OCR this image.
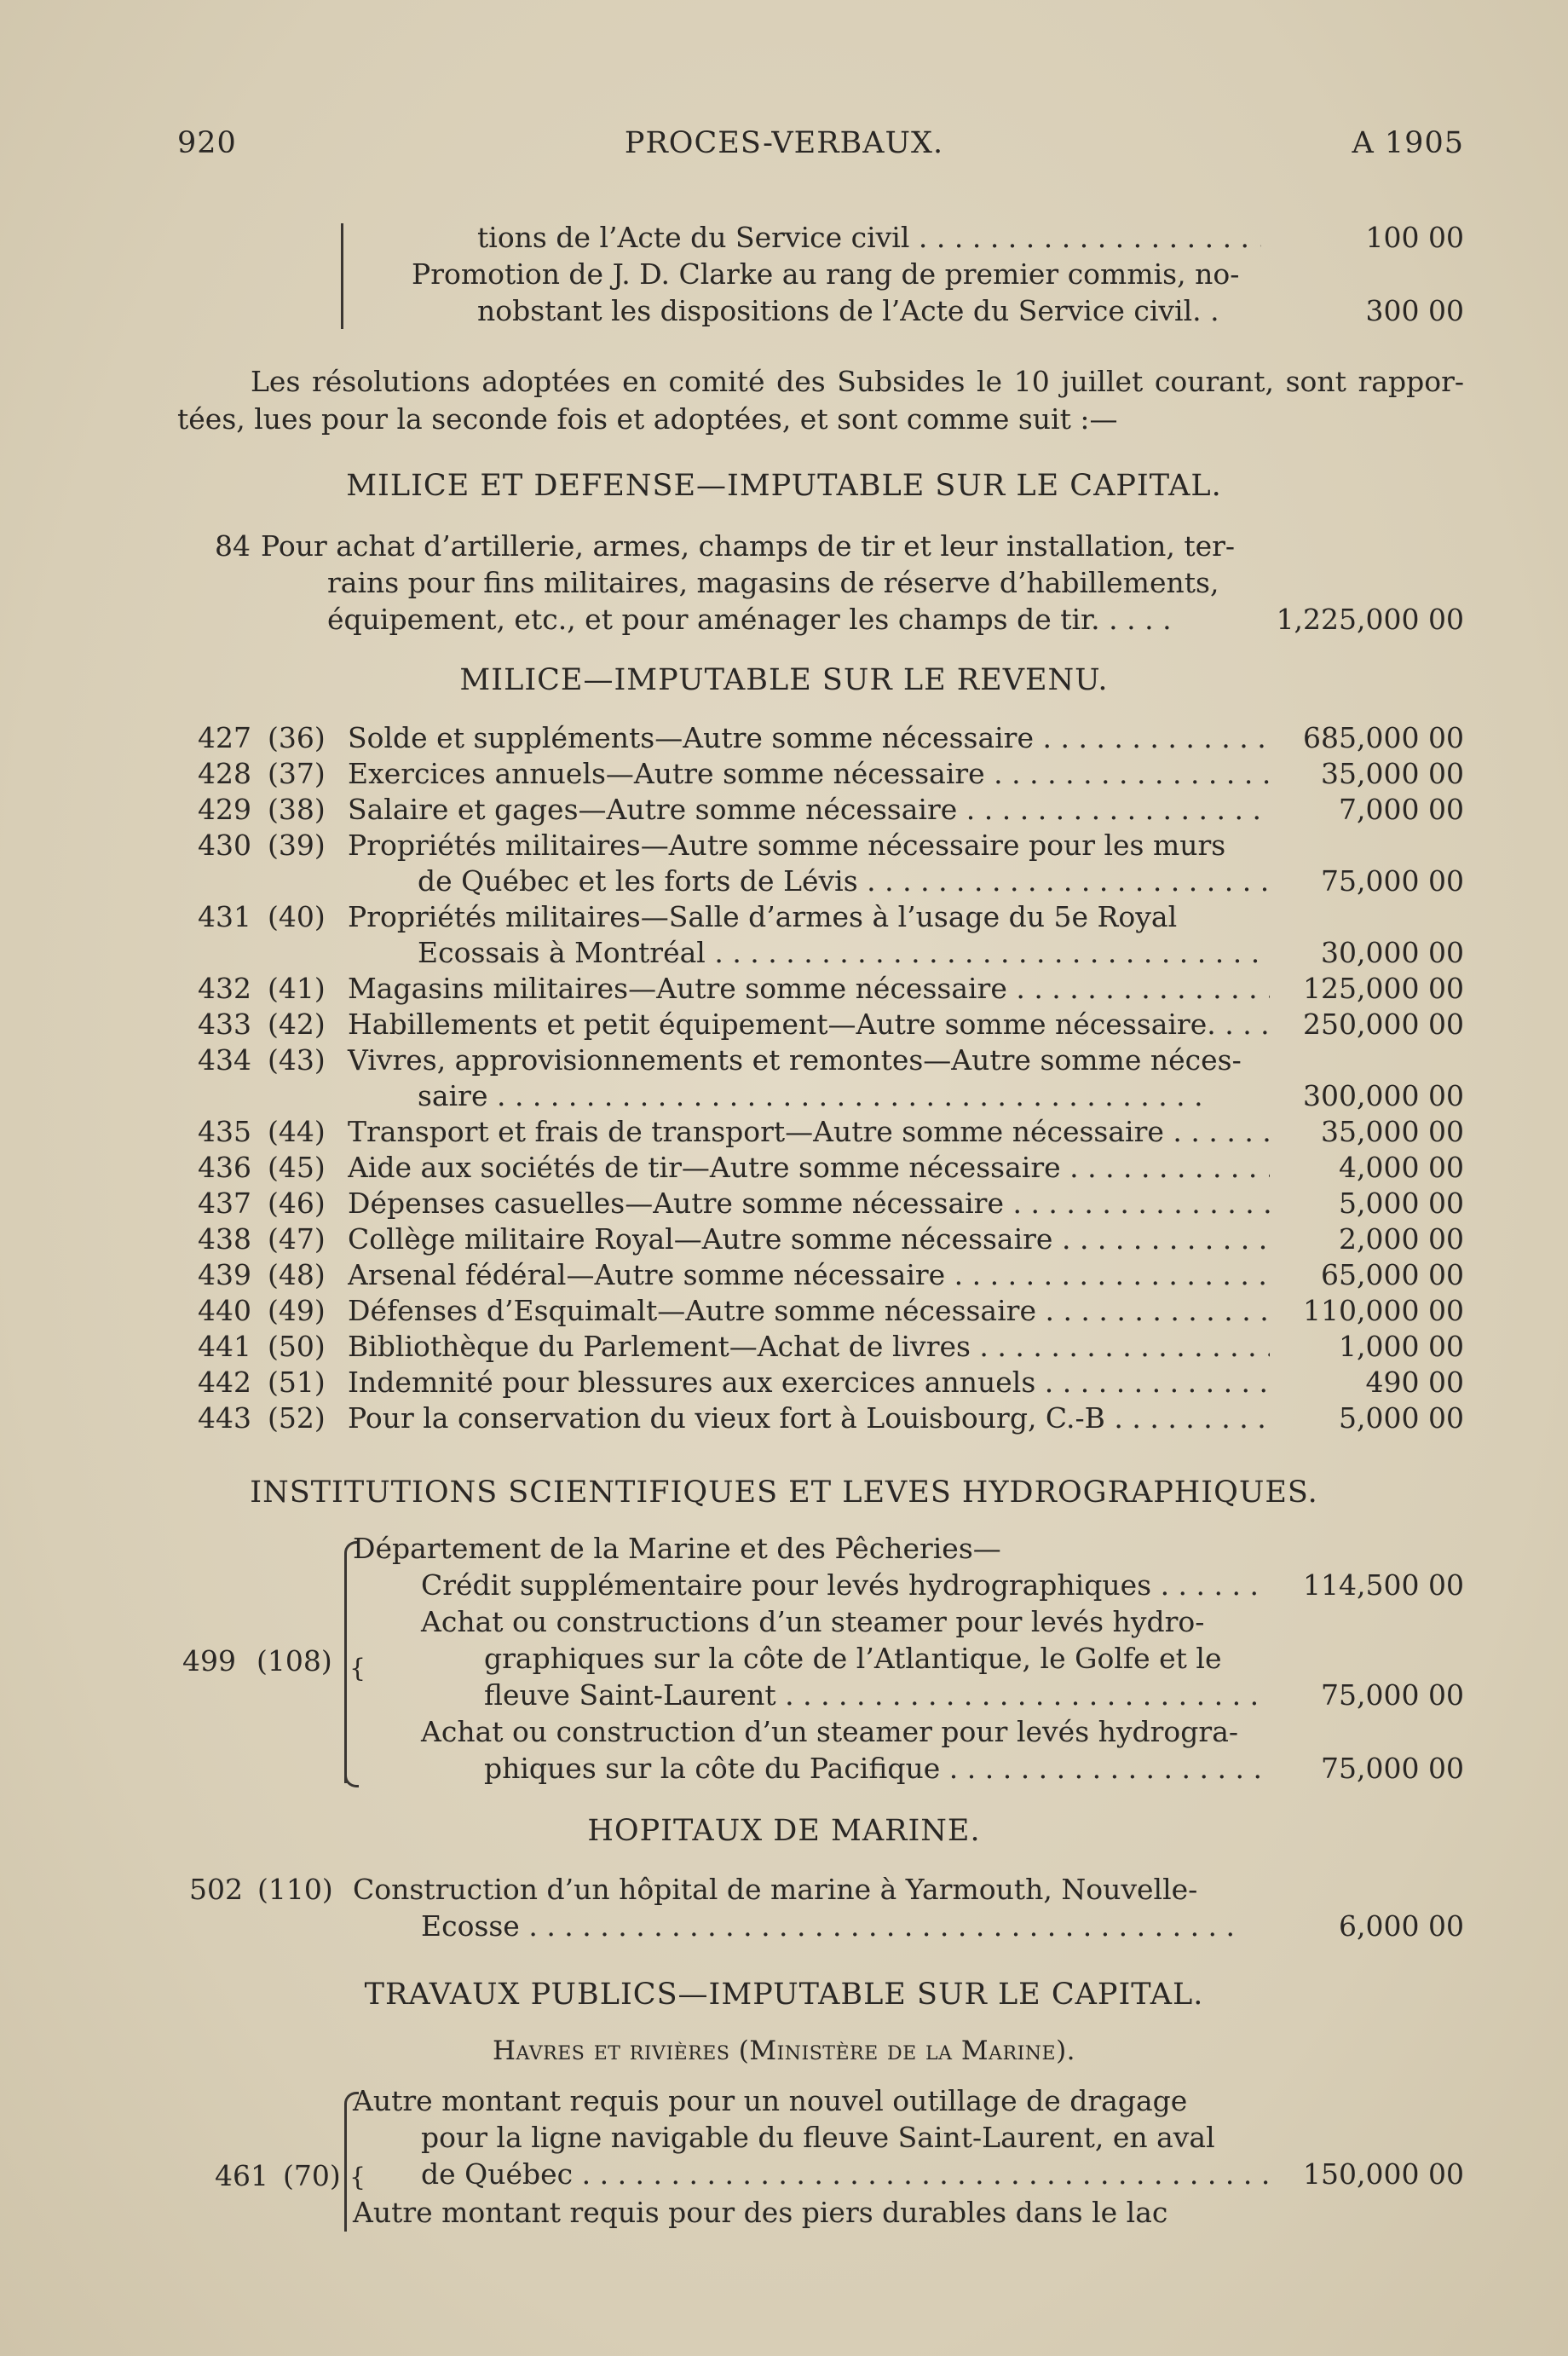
920	PROCES-VERBAUX.	A 1905
tions de l’Acte du Service civil . . .	100 00
Promotion de J. D. Clarke au rang de premier commis, no-
nobstant les dispositions de l’Acte du Service civil. .	300 00
Les résolutions adoptées en comité des Subsides le 10 juillet courant, sont rappor-tées, lues pour la seconde fois et adoptées, et sont comme suit :—
MILICE ET DEFENSE—IMPUTABLE SUR LE CAPITAL.
84 Pour achat d’artillerie, armes, champs de tir et leur installation, ter-
rains pour fins militaires, magasins de réserve d’habillements,
équipement, etc., et pour aménager les champs de tir. . . . .	1,225,000 00
MILICE—IMPUTABLE SUR LE REVENU.
INSTITUTIONS SCIENTIFIQUES ET LEVES HYDROGRAPHIQUES.
499 (108) {
Département de la Marine et des Pêcheries—
Crédit supplémentaire pour levés hydrographiques . . .	114,500 00
Achat ou constructions d’un steamer pour levés hydro-
graphiques sur la côte de l’Atlantique, le Golfe et le
fleuve Saint-Laurent . . .	75,000 00
Achat ou construction d’un steamer pour levés hydrogra-
phiques sur la côte du Pacifique . . .	75,000 00
HOPITAUX DE MARINE.
502 (110) Construction d’un hôpital de marine à Yarmouth, Nouvelle-
Ecosse . . .	6,000 00
TRAVAUX PUBLICS—IMPUTABLE SUR LE CAPITAL.
Havres et rivières (Ministère de la Marine).
461 (70) {
Autre montant requis pour un nouvel outillage de dragage
pour la ligne navigable du fleuve Saint-Laurent, en aval
de Québec . . .	150,000 00
Autre montant requis pour des piers durables dans le lac
427 (36) Solde et suppléments—Autre somme nécessaire . . .	685,000 00
428 (37) Exercices annuels—Autre somme nécessaire . . .	35,000 00
429 (38) Salaire et gages—Autre somme nécessaire . . .	7,000 00
430 (39) Propriétés militaires—Autre somme nécessaire pour les murs
de Québec et les forts de Lévis . . .	75,000 00
431 (40) Propriétés militaires—Salle d’armes à l’usage du 5e Royal
Ecossais à Montréal . . .	30,000 00
432 (41) Magasins militaires—Autre somme nécessaire . . .	125,000 00
433 (42) Habillements et petit équipement—Autre somme nécessaire. . . . .	250,000 00
434 (43) Vivres, approvisionnements et remontes—Autre somme néces-
saire . . .	300,000 00
435 (44) Transport et frais de transport—Autre somme nécessaire . . .	35,000 00
436 (45) Aide aux sociétés de tir—Autre somme nécessaire . . .	4,000 00
437 (46) Dépenses casuelles—Autre somme nécessaire . . .	5,000 00
438 (47) Collège militaire Royal—Autre somme nécessaire . . .	2,000 00
439 (48) Arsenal fédéral—Autre somme nécessaire . . .	65,000 00
440 (49) Défenses d’Esquimalt—Autre somme nécessaire . . .	110,000 00
441 (50) Bibliothèque du Parlement—Achat de livres . . .	1,000 00
442 (51) Indemnité pour blessures aux exercices annuels . . .	490 00
443 (52) Pour la conservation du vieux fort à Louisbourg, C.-B . . .	5,000 00
